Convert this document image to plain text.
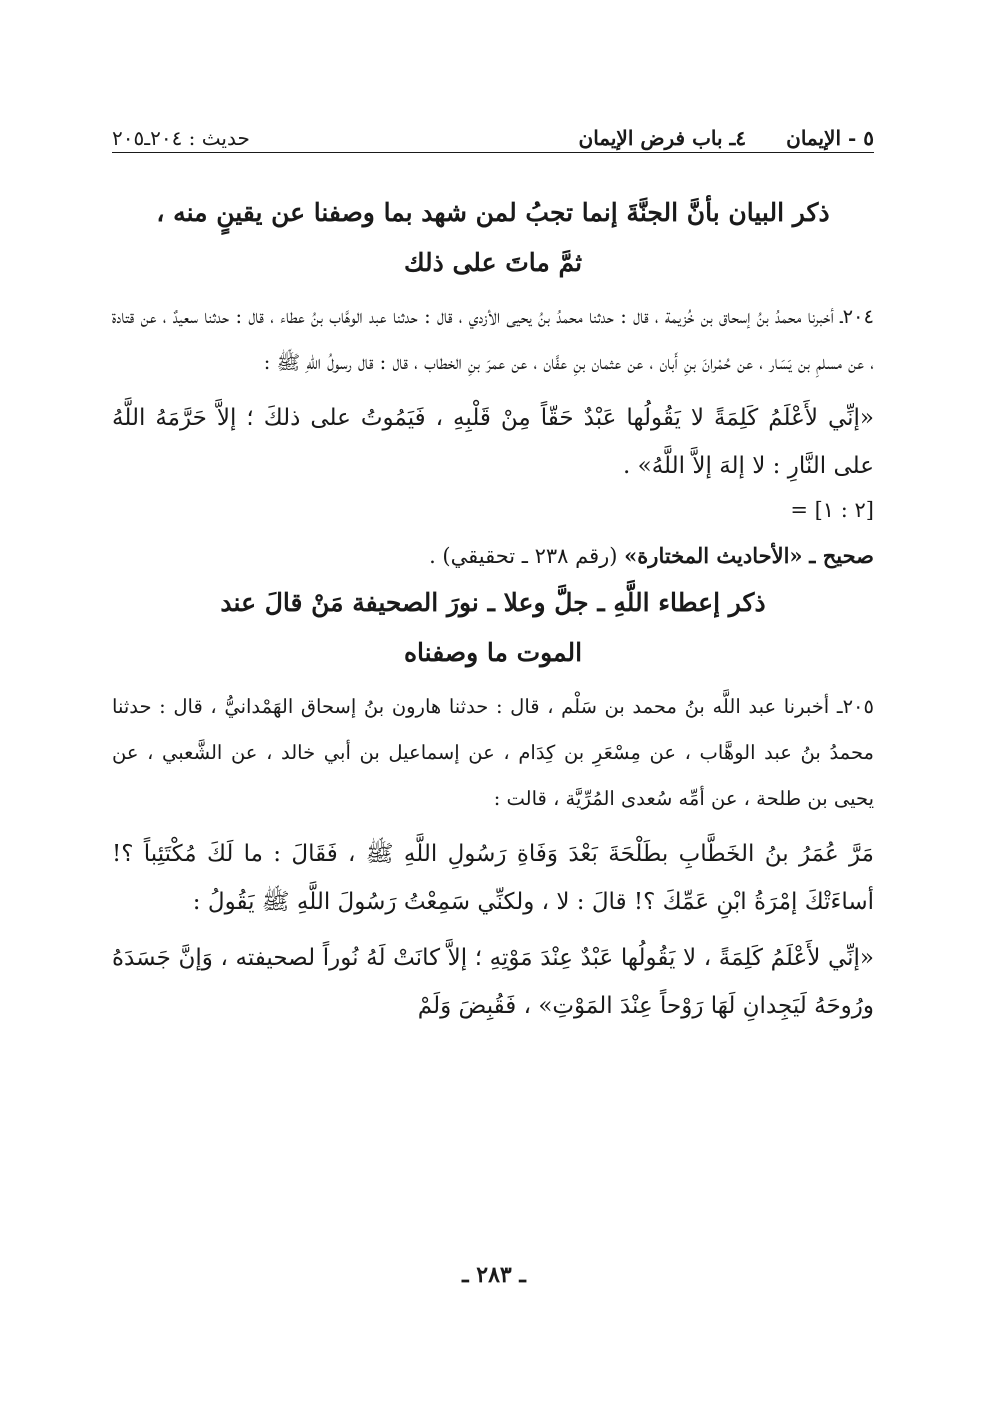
٥ - الإيمان
٤ـ باب فرض الإيمان
حديث : ٢٠٤ـ٢٠٥

ذكر البيان بأنَّ الجنَّةَ إنما تجبُ لمن شهد بما وصفنا عن يقينٍ منه ،

ثمَّ ماتَ على ذلك

٢٠٤ـ أخبرنا محمدُ بنُ إسحاق بن خُزيمة ، قال : حدثنا محمدُ بنُ يحيى الأزدي ، قال : حدثنا عبد الوهَّاب بنُ عطاء ، قال : حدثنا سعيدٌ ، عن قتادة ، عن مسلمِ بن يَسَار ، عن حُمْرانَ بنِ أَبان ، عن عثمان بنِ عفَّان ، عن عمرَ بنِ الخطاب ، قال : قال رسولُ اللهِ ﷺ :

«إنِّي لأَعْلَمُ كَلِمَةً لا يَقُولُها عَبْدٌ حَقّاً مِنْ قَلْبِهِ ، فَيَمُوتُ على ذلكَ ؛ إلاَّ حَرَّمَهُ اللَّهُ على النَّارِ : لا إلهَ إلاَّ اللَّهُ» .

[٢ : ١] =

صحيح ـ «الأحاديث المختارة» (رقم ٢٣٨ ـ تحقيقي) .

ذكر إعطاء اللَّهِ ـ جلَّ وعلا ـ نورَ الصحيفة مَنْ قالَ عند

الموت ما وصفناه

٢٠٥ـ أخبرنا عبد اللَّه بنُ محمد بن سَلْم ، قال : حدثنا هارون بنُ إسحاق الهَمْدانيُّ ، قال : حدثنا محمدُ بنُ عبد الوهَّاب ، عن مِسْعَرِ بن كِدَام ، عن إسماعيل بن أبي خالد ، عن الشَّعبي ، عن يحيى بن طلحة ، عن أمِّه سُعدى المُرِّيَّة ، قالت :

مَرَّ عُمَرُ بنُ الخَطَّابِ بطَلْحَةَ بَعْدَ وَفَاةِ رَسُولِ اللَّهِ ﷺ ، فَقَالَ : ما لَكَ مُكْتَئِباً ؟! أساءَتْكَ إمْرَةُ ابْنِ عَمِّكَ ؟! قالَ : لا ، ولكنِّي سَمِعْتُ رَسُولَ اللَّهِ ﷺ يَقُولُ :

«إنِّي لأَعْلَمُ كَلِمَةً ، لا يَقُولُها عَبْدٌ عِنْدَ مَوْتِهِ ؛ إلاَّ كانَتْ لَهُ نُوراً لصحيفته ، وَإنَّ جَسَدَهُ ورُوحَهُ لَيَجِدانِ لَهَا رَوْحاً عِنْدَ المَوْتِ» ، فَقُبِضَ وَلَمْ

ـ ٢٨٣ ـ
